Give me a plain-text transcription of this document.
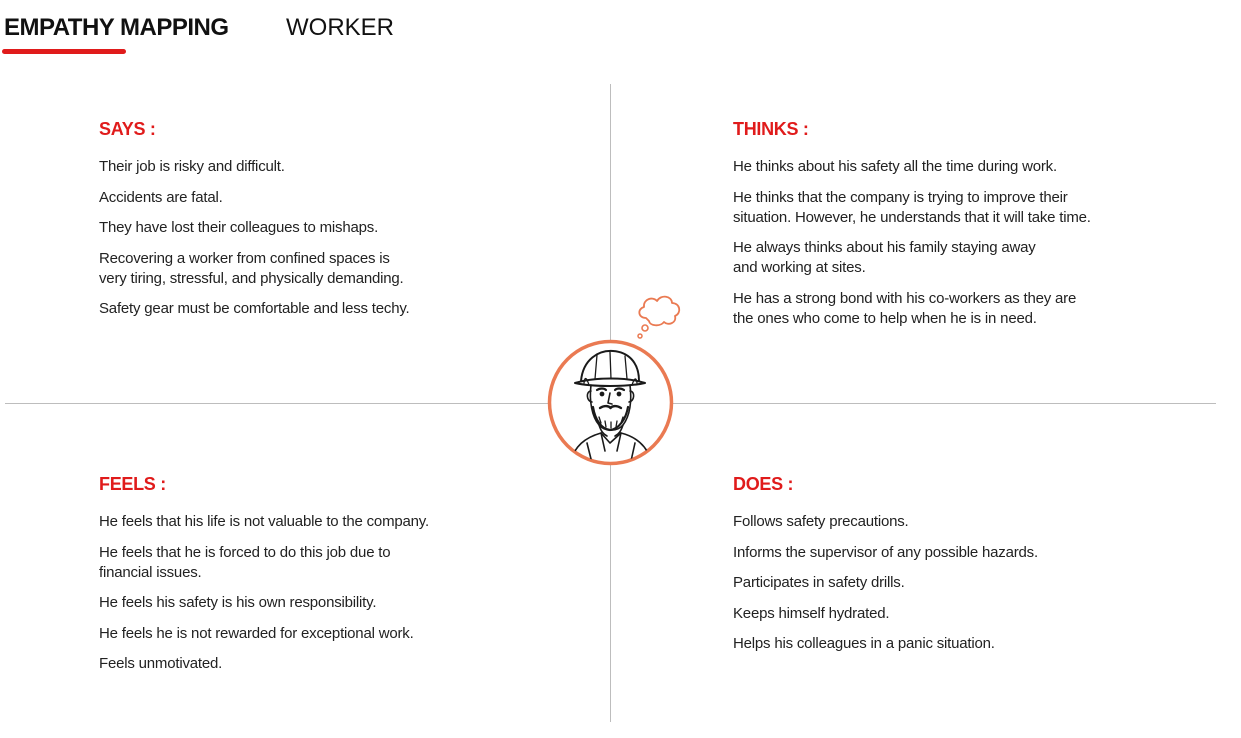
EMPATHY MAPPING WORKER
SAYS :
Their job is risky and difficult.
Accidents are fatal.
They have lost their colleagues to mishaps.
Recovering a worker from confined spaces is
very tiring, stressful, and physically demanding.
Safety gear must be comfortable and less techy.
THINKS :
He thinks about his safety all the time during work.
He thinks that the company is trying to improve their
situation. However, he understands that it will take time.
He always thinks about his family staying away
and working at sites.
He has a strong bond with his co-workers as they are
the ones who come to help when he is in need.
FEELS :
He feels that his life is not valuable to the company.
He feels that he is forced to do this job due to
financial issues.
He feels his safety is his own responsibility.
He feels he is not rewarded for exceptional work.
Feels unmotivated.
DOES :
Follows safety precautions.
Informs the supervisor of any possible hazards.
Participates in safety drills.
Keeps himself hydrated.
Helps his colleagues in a panic situation.
